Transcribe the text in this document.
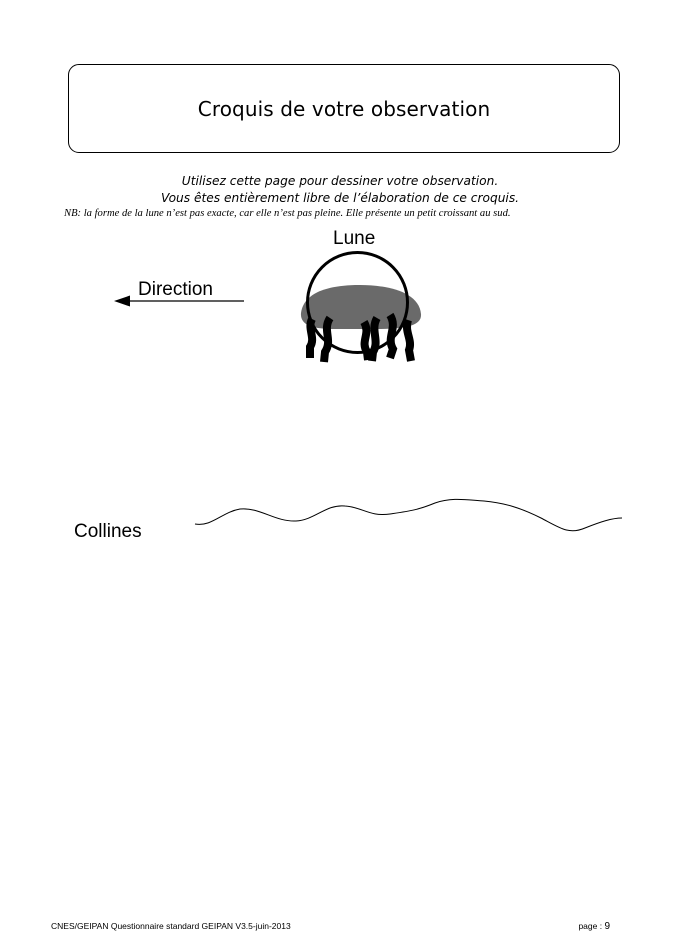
Croquis de votre observation
Utilisez cette page pour dessiner votre observation.
Vous êtes entièrement libre de l’élaboration de ce croquis.
NB: la forme de la lune n’est pas exacte, car elle n’est pas pleine. Elle présente un petit croissant au sud.
Lune
Direction
Collines
CNES/GEIPAN Questionnaire standard GEIPAN V3.5-juin-2013	page : 9
